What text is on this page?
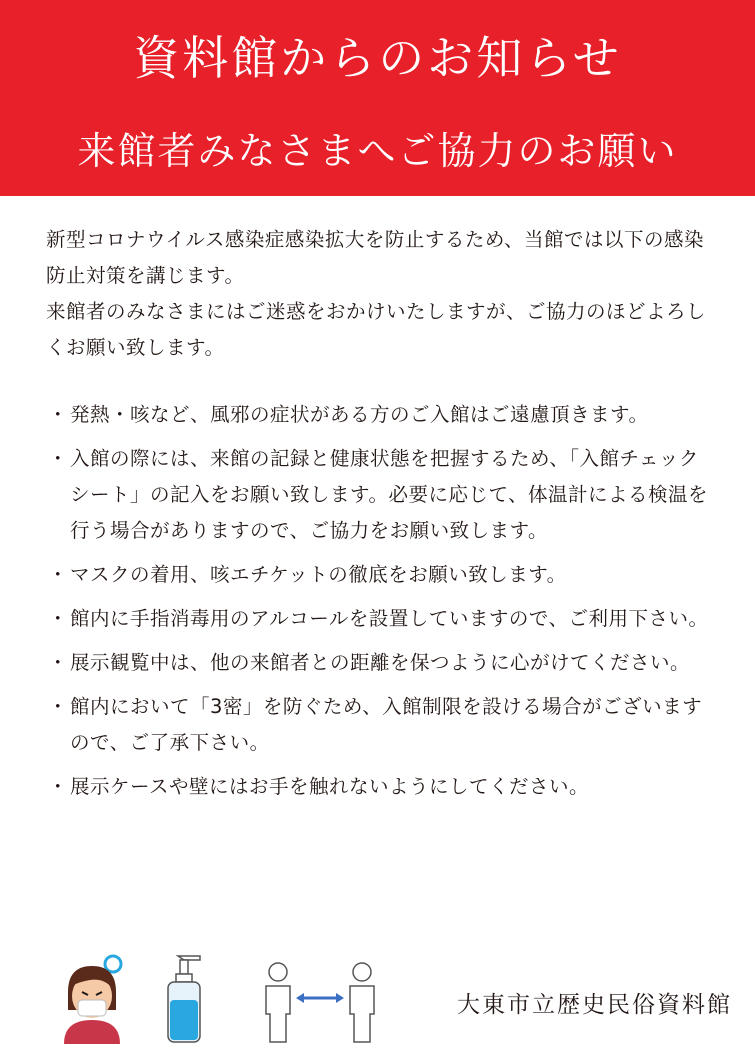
資料館からのお知らせ
来館者みなさまへご協力のお願い

新型コロナウイルス感染症感染拡大を防止するため、当館では以下の感染防止対策を講じます。

来館者のみなさまにはご迷惑をおかけいたしますが、ご協力のほどよろしくお願い致します。

・ 発熱・咳など、風邪の症状がある方のご入館はご遠慮頂きます。
・ 入館の際には、来館の記録と健康状態を把握するため、「入館チェックシート」の記入をお願い致します。必要に応じて、体温計による検温を行う場合がありますので、ご協力をお願い致します。
・ マスクの着用、咳エチケットの徹底をお願い致します。
・ 館内に手指消毒用のアルコールを設置していますので、ご利用下さい。
・ 展示観覧中は、他の来館者との距離を保つように心がけてください。
・ 館内において「3密」を防ぐため、入館制限を設ける場合がございますので、ご了承下さい。
・ 展示ケースや壁にはお手を触れないようにしてください。
大東市立歴史民俗資料館
